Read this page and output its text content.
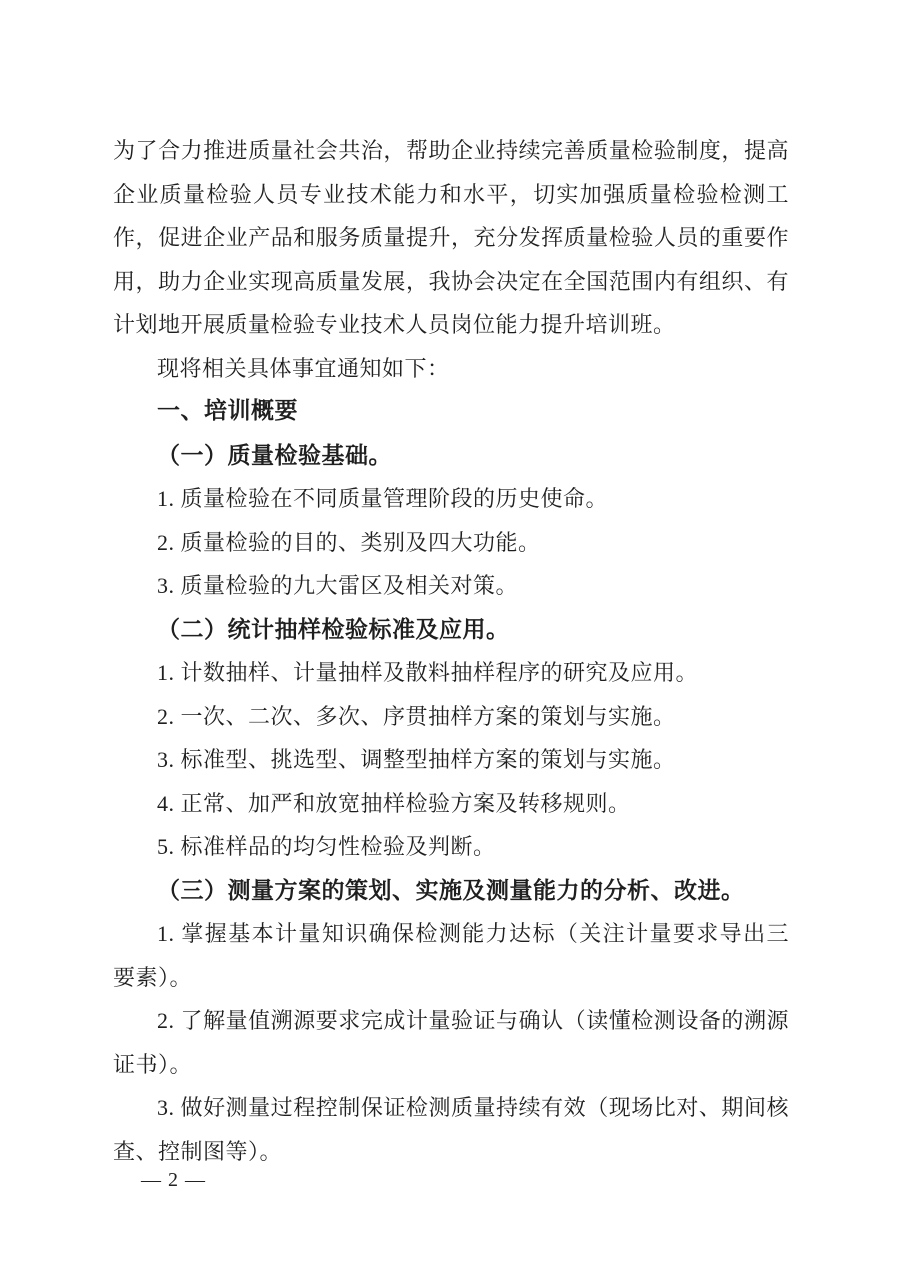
为了合力推进质量社会共治，帮助企业持续完善质量检验制度，提高
企业质量检验人员专业技术能力和水平，切实加强质量检验检测工
作，促进企业产品和服务质量提升，充分发挥质量检验人员的重要作
用，助力企业实现高质量发展，我协会决定在全国范围内有组织、有
计划地开展质量检验专业技术人员岗位能力提升培训班。
现将相关具体事宜通知如下：
一、培训概要
（一）质量检验基础。
1. 质量检验在不同质量管理阶段的历史使命。
2. 质量检验的目的、类别及四大功能。
3. 质量检验的九大雷区及相关对策。
（二）统计抽样检验标准及应用。
1. 计数抽样、计量抽样及散料抽样程序的研究及应用。
2. 一次、二次、多次、序贯抽样方案的策划与实施。
3. 标准型、挑选型、调整型抽样方案的策划与实施。
4. 正常、加严和放宽抽样检验方案及转移规则。
5. 标准样品的均匀性检验及判断。
（三）测量方案的策划、实施及测量能力的分析、改进。
1. 掌握基本计量知识确保检测能力达标（关注计量要求导出三
要素）。
2. 了解量值溯源要求完成计量验证与确认（读懂检测设备的溯源
证书）。
3. 做好测量过程控制保证检测质量持续有效（现场比对、期间核
查、控制图等）。
— 2 —
